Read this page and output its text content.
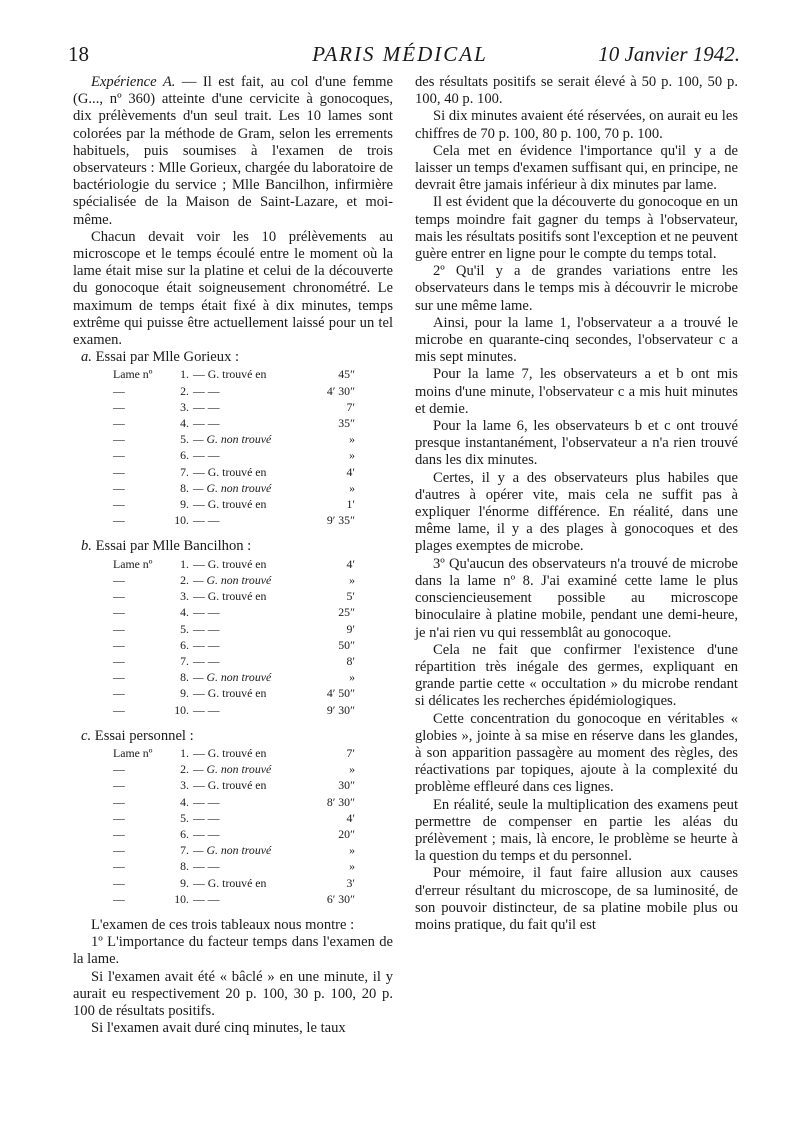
18	PARIS MÉDICAL	10 Janvier 1942.

Expérience A. — Il est fait, au col d'une femme (G..., nº 360) atteinte d'une cervicite à gonocoques, dix prélèvements d'un seul trait. Les 10 lames sont colorées par la méthode de Gram, selon les errements habituels, puis soumises à l'examen de trois observateurs : Mlle Gorieux, chargée du laboratoire de bactériologie du service ; Mlle Bancilhon, infirmière spécialisée de la Maison de Saint-Lazare, et moi-même.

Chacun devait voir les 10 prélèvements au microscope et le temps écoulé entre le moment où la lame était mise sur la platine et celui de la découverte du gonocoque était soigneusement chronométré. Le maximum de temps était fixé à dix minutes, temps extrême qui puisse être actuellement laissé pour un tel examen.

a. Essai par Mlle Gorieux :

Lame nº	1.	— G. trouvé en	45″
—	2.	— —	4′ 30″
—	3.	— —	7′
—	4.	— —	35″
—	5.	— G. non trouvé	»
—	6.	— —	»
—	7.	— G. trouvé en	4′
—	8.	— G. non trouvé	»
—	9.	— G. trouvé en	1′
—	10.	— —	9′ 35″

b. Essai par Mlle Bancilhon :

Lame nº	1.	— G. trouvé en	4′
—	2.	— G. non trouvé	»
—	3.	— G. trouvé en	5′
—	4.	— —	25″
—	5.	— —	9′
—	6.	— —	50″
—	7.	— —	8′
—	8.	— G. non trouvé	»
—	9.	— G. trouvé en	4′ 50″
—	10.	— —	9′ 30″

c. Essai personnel :

Lame nº	1.	— G. trouvé en	7′
—	2.	— G. non trouvé	»
—	3.	— G. trouvé en	30″
—	4.	— —	8′ 30″
—	5.	— —	4′
—	6.	— —	20″
—	7.	— G. non trouvé	»
—	8.	— —	»
—	9.	— G. trouvé en	3′
—	10.	— —	6′ 30″

L'examen de ces trois tableaux nous montre :

1º L'importance du facteur temps dans l'examen de la lame.

Si l'examen avait été « bâclé » en une minute, il y aurait eu respectivement 20 p. 100, 30 p. 100, 20 p. 100 de résultats positifs.

Si l'examen avait duré cinq minutes, le taux

des résultats positifs se serait élevé à 50 p. 100, 50 p. 100, 40 p. 100.

Si dix minutes avaient été réservées, on aurait eu les chiffres de 70 p. 100, 80 p. 100, 70 p. 100.

Cela met en évidence l'importance qu'il y a de laisser un temps d'examen suffisant qui, en principe, ne devrait être jamais inférieur à dix minutes par lame.

Il est évident que la découverte du gonocoque en un temps moindre fait gagner du temps à l'observateur, mais les résultats positifs sont l'exception et ne peuvent guère entrer en ligne pour le compte du temps total.

2º Qu'il y a de grandes variations entre les observateurs dans le temps mis à découvrir le microbe sur une même lame.

Ainsi, pour la lame 1, l'observateur a a trouvé le microbe en quarante-cinq secondes, l'observateur c a mis sept minutes.

Pour la lame 7, les observateurs a et b ont mis moins d'une minute, l'observateur c a mis huit minutes et demie.

Pour la lame 6, les observateurs b et c ont trouvé presque instantanément, l'observateur a n'a rien trouvé dans les dix minutes.

Certes, il y a des observateurs plus habiles que d'autres à opérer vite, mais cela ne suffit pas à expliquer l'énorme différence. En réalité, dans une même lame, il y a des plages à gonocoques et des plages exemptes de microbe.

3º Qu'aucun des observateurs n'a trouvé de microbe dans la lame nº 8. J'ai examiné cette lame le plus consciencieusement possible au microscope binoculaire à platine mobile, pendant une demi-heure, je n'ai rien vu qui ressemblât au gonocoque.

Cela ne fait que confirmer l'existence d'une répartition très inégale des germes, expliquant en grande partie cette « occultation » du microbe rendant si délicates les recherches épidémiologiques.

Cette concentration du gonocoque en véritables « globies », jointe à sa mise en réserve dans les glandes, à son apparition passagère au moment des règles, des réactivations par topiques, ajoute à la complexité du problème effleuré dans ces lignes.

En réalité, seule la multiplication des examens peut permettre de compenser en partie les aléas du prélèvement ; mais, là encore, le problème se heurte à la question du temps et du personnel.

Pour mémoire, il faut faire allusion aux causes d'erreur résultant du microscope, de sa luminosité, de son pouvoir distincteur, de sa platine mobile plus ou moins pratique, du fait qu'il est
